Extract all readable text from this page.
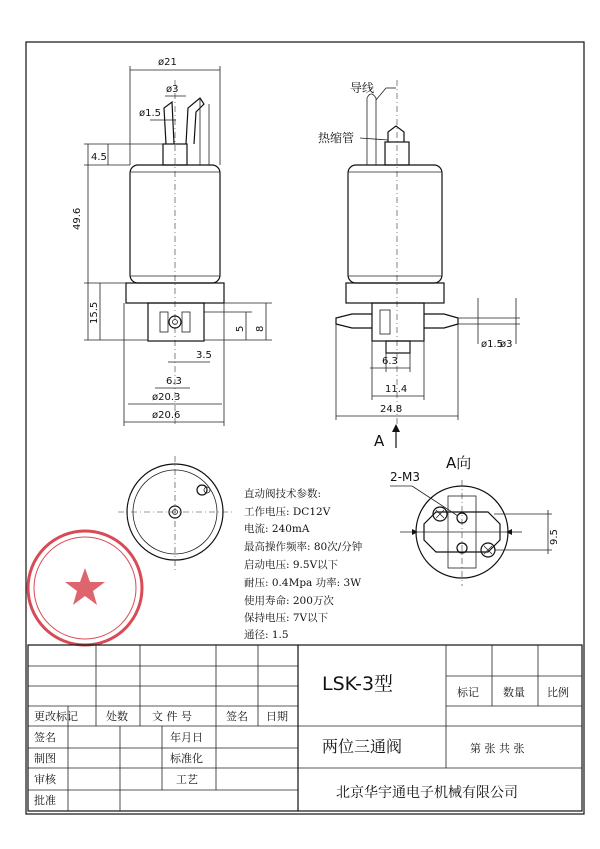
ø21
ø3
ø1.5
4.5
49.6
15.5
5 8
3.5
6.3
ø20.3
ø20.6
导线
热缩管
ø1.5
ø3
6.3
11.4
24.8
A
2-M3
A向
9.5
直动阀技术参数:
工作电压: DC12V
电流: 240mA
最高操作频率: 80次/分钟
启动电压: 9.5V以下
耐压: 0.4Mpa 功率: 3W
使用寿命: 200万次
保持电压: 7V以下
通径: 1.5
LSK-3型
两位三通阀
北京华宇通电子机械有限公司
标记 数量 比例
第 张 共 张
更改标记	处数 文 件 号	签名 日期
签名	年月日
制图	标准化
审核	工艺
批准
